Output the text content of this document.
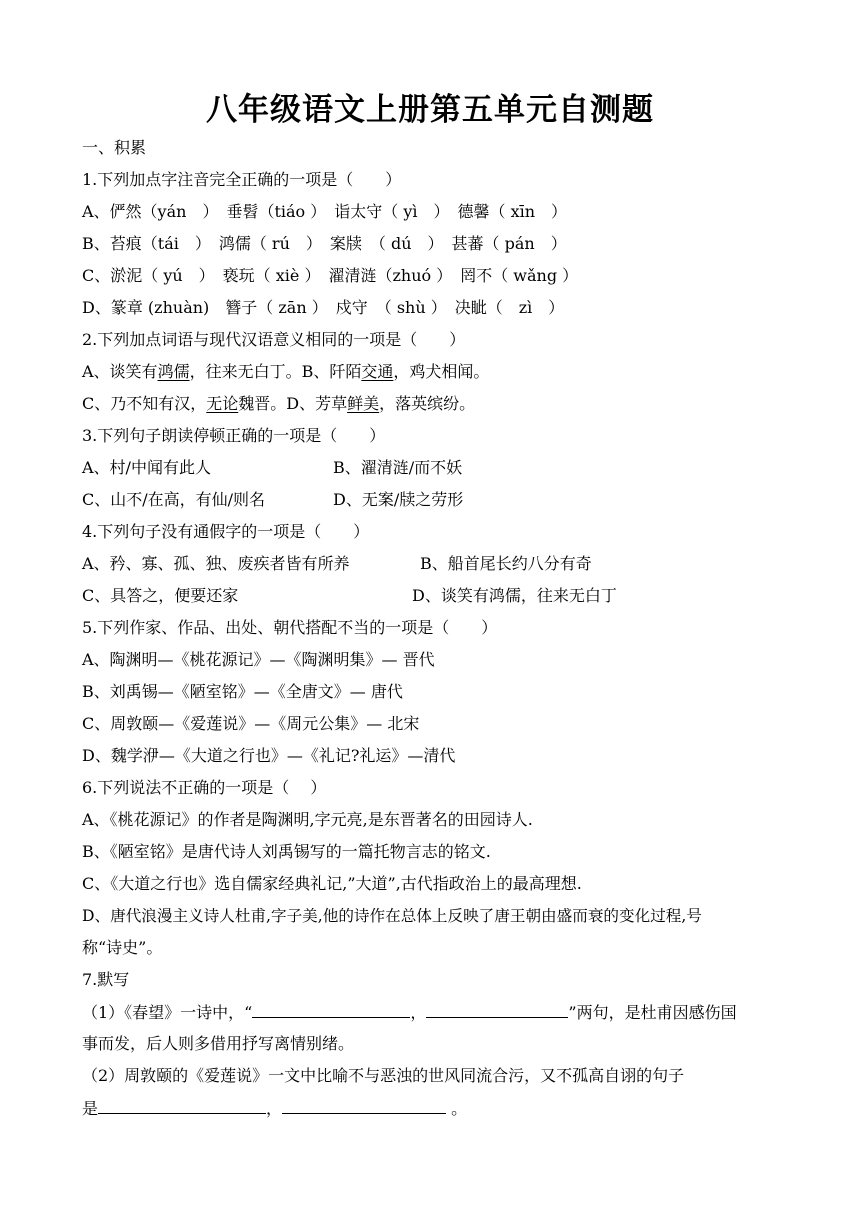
八年级语文上册第五单元自测题
一、积累
1.下列加点字注音完全正确的一项是（　　）
A、俨然（yán　）　垂髫（tiáo ）　诣太守（ yì　）　德馨（ xīn　）
B、苔痕（tái　）　鸿儒（ rú　）　案牍　（ dú　）　甚蕃（ pán　）
C、淤泥（ yú　）　亵玩（ xiè ）　濯清涟（zhuó ）　罔不（ wǎng ）
D、篆章 (zhuàn)　簪子（ zān ）　戍守　（ shù ）　决眦（　zì　）
2.下列加点词语与现代汉语意义相同的一项是（　　）
A、谈笑有鸿儒，往来无白丁。B、阡陌交通，鸡犬相闻。
C、乃不知有汉，无论魏晋。D、芳草鲜美，落英缤纷。
3.下列句子朗读停顿正确的一项是（　　）
A、村/中闻有此人	B、濯清涟/而不妖
C、山不/在高，有仙/则名	D、无案/牍之劳形
4.下列句子没有通假字的一项是（　　）
A、矜、寡、孤、独、废疾者皆有所养	B、船首尾长约八分有奇
C、具答之，便要还家	D、谈笑有鸿儒，往来无白丁
5.下列作家、作品、出处、朝代搭配不当的一项是（　　）
A、陶渊明—《桃花源记》—《陶渊明集》— 晋代
B、刘禹锡—《陋室铭》—《全唐文》— 唐代
C、周敦颐—《爱莲说》—《周元公集》— 北宋
D、魏学洢—《大道之行也》—《礼记?礼运》—清代
6.下列说法不正确的一项是（　 ）
A、《桃花源记》的作者是陶渊明,字元亮,是东晋著名的田园诗人.
B、《陋室铭》是唐代诗人刘禹锡写的一篇托物言志的铭文.
C、《大道之行也》选自儒家经典礼记,”大道”,古代指政治上的最高理想.
D、唐代浪漫主义诗人杜甫,字子美,他的诗作在总体上反映了唐王朝由盛而衰的变化过程,号
称“诗史”。
7.默写
（1）《春望》一诗中，“	，	”两句，是杜甫因感伤国
事而发，后人则多借用抒写离情别绪。
（2）周敦颐的《爱莲说》一文中比喻不与恶浊的世风同流合污，又不孤高自诩的句子
是	，	。
